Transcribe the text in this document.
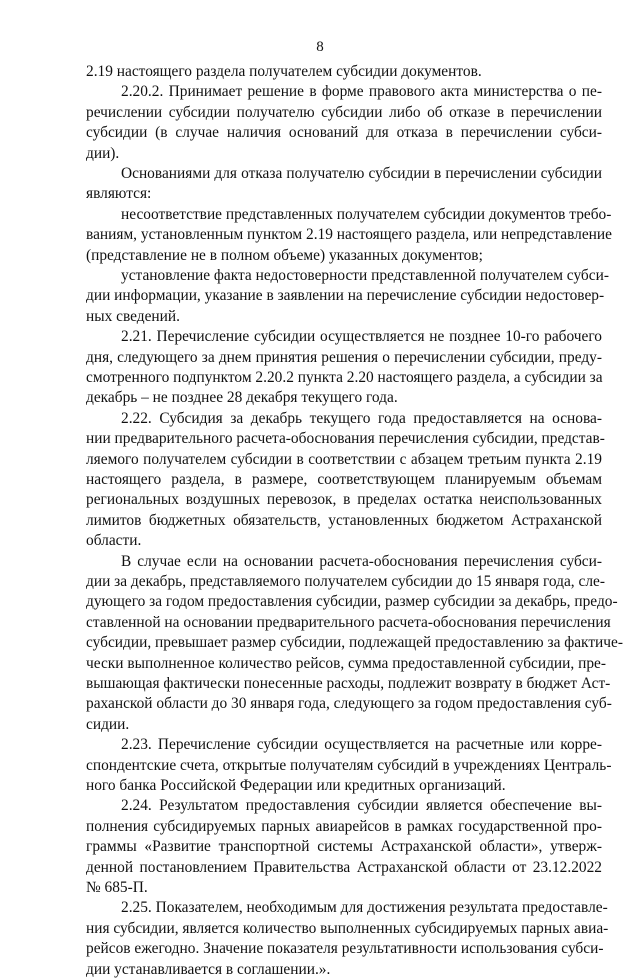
8
2.19 настоящего раздела получателем субсидии документов.
2.20.2. Принимает решение в форме правового акта министерства о пе-
речислении субсидии получателю субсидии либо об отказе в перечислении
субсидии (в случае наличия оснований для отказа в перечислении субси-
дии).
Основаниями для отказа получателю субсидии в перечислении субсидии
являются:
несоответствие представленных получателем субсидии документов требо-
ваниям, установленным пунктом 2.19 настоящего раздела, или непредставление
(представление не в полном объеме) указанных документов;
установление факта недостоверности представленной получателем субси-
дии информации, указание в заявлении на перечисление субсидии недостовер-
ных сведений.
2.21. Перечисление субсидии осуществляется не позднее 10-го рабочего
дня, следующего за днем принятия решения о перечислении субсидии, преду-
смотренного подпунктом 2.20.2 пункта 2.20 настоящего раздела, а субсидии за
декабрь – не позднее 28 декабря текущего года.
2.22. Субсидия за декабрь текущего года предоставляется на основа-
нии предварительного расчета-обоснования перечисления субсидии, представ-
ляемого получателем субсидии в соответствии с абзацем третьим пункта 2.19
настоящего раздела, в размере, соответствующем планируемым объемам
региональных воздушных перевозок, в пределах остатка неиспользованных
лимитов бюджетных обязательств, установленных бюджетом Астраханской
области.
В случае если на основании расчета-обоснования перечисления субси-
дии за декабрь, представляемого получателем субсидии до 15 января года, сле-
дующего за годом предоставления субсидии, размер субсидии за декабрь, предо-
ставленной на основании предварительного расчета-обоснования перечисления
субсидии, превышает размер субсидии, подлежащей предоставлению за фактиче-
чески выполненное количество рейсов, сумма предоставленной субсидии, пре-
вышающая фактически понесенные расходы, подлежит возврату в бюджет Аст-
раханской области до 30 января года, следующего за годом предоставления суб-
сидии.
2.23. Перечисление субсидии осуществляется на расчетные или корре-
спондентские счета, открытые получателям субсидий в учреждениях Централь-
ного банка Российской Федерации или кредитных организаций.
2.24. Результатом предоставления субсидии является обеспечение вы-
полнения субсидируемых парных авиарейсов в рамках государственной про-
граммы «Развитие транспортной системы Астраханской области», утверж-
денной постановлением Правительства Астраханской области от 23.12.2022
№ 685-П.
2.25. Показателем, необходимым для достижения результата предоставле-
ния субсидии, является количество выполненных субсидируемых парных авиа-
рейсов ежегодно. Значение показателя результативности использования субси-
дии устанавливается в соглашении.».
